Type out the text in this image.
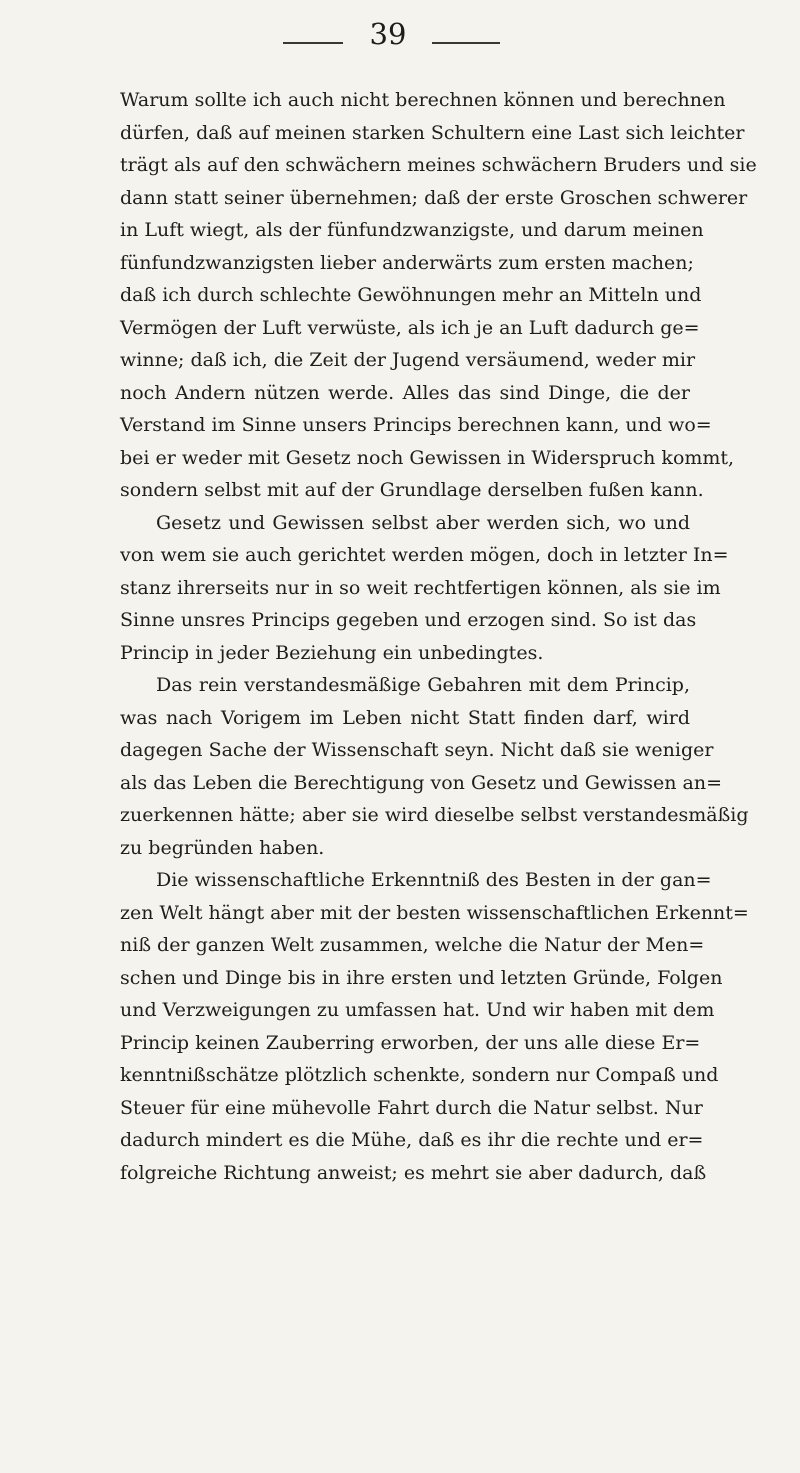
39
Warum sollte ich auch nicht berechnen können und berechnen
dürfen, daß auf meinen starken Schultern eine Last sich leichter
trägt als auf den schwächern meines schwächern Bruders und sie
dann statt seiner übernehmen; daß der erste Groschen schwerer
in Luft wiegt, als der fünfundzwanzigste, und darum meinen
fünfundzwanzigsten lieber anderwärts zum ersten machen;
daß ich durch schlechte Gewöhnungen mehr an Mitteln und
Vermögen der Luft verwüste, als ich je an Luft dadurch ge=
winne; daß ich, die Zeit der Jugend versäumend, weder mir
noch Andern nützen werde. Alles das sind Dinge, die der
Verstand im Sinne unsers Princips berechnen kann, und wo=
bei er weder mit Gesetz noch Gewissen in Widerspruch kommt,
sondern selbst mit auf der Grundlage derselben fußen kann.
Gesetz und Gewissen selbst aber werden sich, wo und
von wem sie auch gerichtet werden mögen, doch in letzter In=
stanz ihrerseits nur in so weit rechtfertigen können, als sie im
Sinne unsres Princips gegeben und erzogen sind. So ist das
Princip in jeder Beziehung ein unbedingtes.
Das rein verstandesmäßige Gebahren mit dem Princip,
was nach Vorigem im Leben nicht Statt finden darf, wird
dagegen Sache der Wissenschaft seyn. Nicht daß sie weniger
als das Leben die Berechtigung von Gesetz und Gewissen an=
zuerkennen hätte; aber sie wird dieselbe selbst verstandesmäßig
zu begründen haben.
Die wissenschaftliche Erkenntniß des Besten in der gan=
zen Welt hängt aber mit der besten wissenschaftlichen Erkennt=
niß der ganzen Welt zusammen, welche die Natur der Men=
schen und Dinge bis in ihre ersten und letzten Gründe, Folgen
und Verzweigungen zu umfassen hat. Und wir haben mit dem
Princip keinen Zauberring erworben, der uns alle diese Er=
kenntnißschätze plötzlich schenkte, sondern nur Compaß und
Steuer für eine mühevolle Fahrt durch die Natur selbst. Nur
dadurch mindert es die Mühe, daß es ihr die rechte und er=
folgreiche Richtung anweist; es mehrt sie aber dadurch, daß
